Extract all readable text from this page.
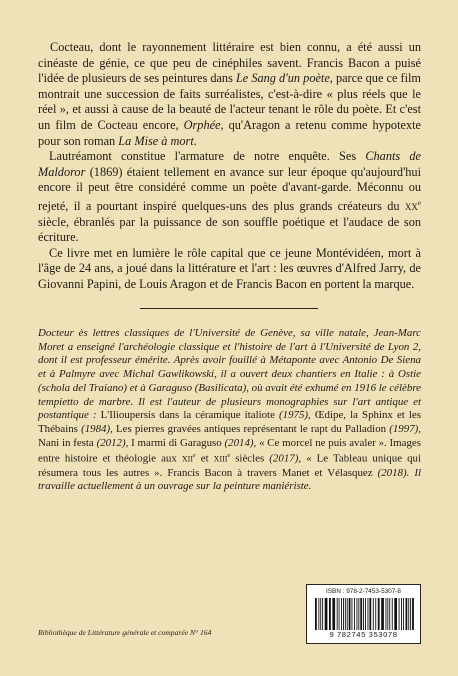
Cocteau, dont le rayonnement littéraire est bien connu, a été aussi un cinéaste de génie, ce que peu de cinéphiles savent. Francis Bacon a puisé l'idée de plusieurs de ses peintures dans Le Sang d'un poète, parce que ce film montrait une succession de faits surréalistes, c'est-à-dire « plus réels que le réel », et aussi à cause de la beauté de l'acteur tenant le rôle du poète. Et c'est un film de Cocteau encore, Orphée, qu'Aragon a retenu comme hypotexte pour son roman La Mise à mort.

Lautréamont constitue l'armature de notre enquête. Ses Chants de Maldoror (1869) étaient tellement en avance sur leur époque qu'aujourd'hui encore il peut être considéré comme un poète d'avant-garde. Méconnu ou rejeté, il a pourtant inspiré quelques-uns des plus grands créateurs du $xx^e$ siècle, ébranlés par la puissance de son souffle poétique et l'audace de son écriture.

Ce livre met en lumière le rôle capital que ce jeune Montévidéen, mort à l'âge de 24 ans, a joué dans la littérature et l'art : les œuvres d'Alfred Jarry, de Giovanni Papini, de Louis Aragon et de Francis Bacon en portent la marque.

Docteur ès lettres classiques de l'Université de Genève, sa ville natale, Jean-Marc Moret a enseigné l'archéologie classique et l'histoire de l'art à l'Université de Lyon 2, dont il est professeur émérite. Après avoir fouillé à Métaponte avec Antonio De Siena et à Palmyre avec Michal Gawlikowski, il a ouvert deux chantiers en Italie : à Ostie (schola del Traiano) et à Garaguso (Basilicata), où avait été exhumé en 1916 le célèbre tempietto de marbre. Il est l'auteur de plusieurs monographies sur l'art antique et postantique : L'Ilioupersis dans la céramique italiote (1975), Œdipe, la Sphinx et les Thébains (1984), Les pierres gravées antiques représentant le rapt du Palladion (1997), Nani in festa (2012), I marmi di Garaguso (2014), « Ce morcel ne puis avaler ». Images entre histoire et théologie aux xii$^e$ et xiii$^e$ siècles (2017), « Le Tableau unique qui résumera tous les autres ». Francis Bacon à travers Manet et Vélasquez (2018). Il travaille actuellement à un ouvrage sur la peinture maniériste.

Bibliothèque de Littérature générale et comparée N° 164
ISBN : 978-2-7453-5307-8
9 782745 353078
